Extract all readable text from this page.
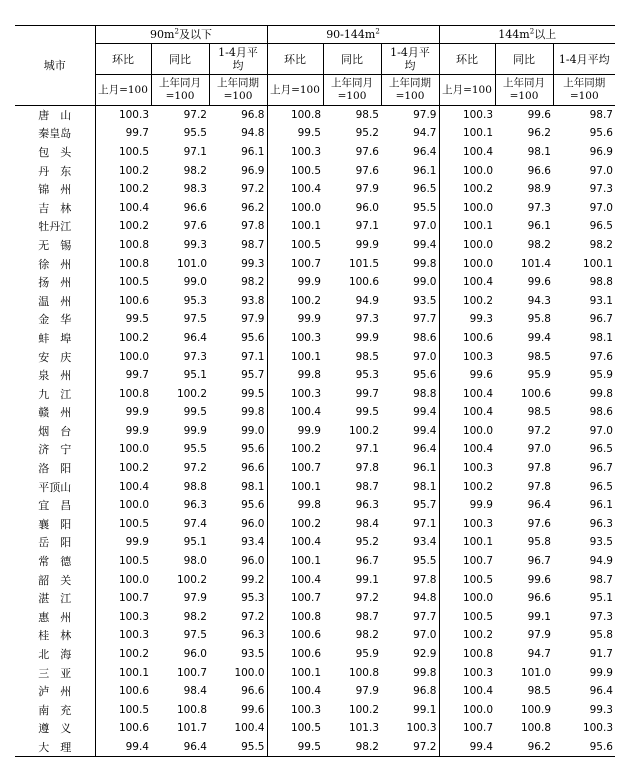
城市	$90m^2$及以下			$90-144m^2$			$144m^2$以上		
	环比	同比	1-4月平均	环比	同比	1-4月平均	环比	同比	1-4月平均
	上月=100	上年同月=100	上年同期=100	上月=100	上年同月=100	上年同期=100	上月=100	上年同月=100	上年同期=100
唐　山	100.3	97.2	96.8	100.8	98.5	97.9	100.3	99.6	98.7
秦皇岛	99.7	95.5	94.8	99.5	95.2	94.7	100.1	96.2	95.6
包　头	100.5	97.1	96.1	100.3	97.6	96.4	100.4	98.1	96.9
丹　东	100.2	98.2	96.9	100.5	97.6	96.1	100.0	96.6	97.0
锦　州	100.2	98.3	97.2	100.4	97.9	96.5	100.2	98.9	97.3
吉　林	100.4	96.6	96.2	100.0	96.0	95.5	100.0	97.3	97.0
牡丹江	100.2	97.6	97.8	100.1	97.1	97.0	100.1	96.1	96.5
无　锡	100.8	99.3	98.7	100.5	99.9	99.4	100.0	98.2	98.2
徐　州	100.8	101.0	99.3	100.7	101.5	99.8	100.0	101.4	100.1
扬　州	100.5	99.0	98.2	99.9	100.6	99.0	100.4	99.6	98.8
温　州	100.6	95.3	93.8	100.2	94.9	93.5	100.2	94.3	93.1
金　华	99.5	97.5	97.9	99.9	97.3	97.7	99.3	95.8	96.7
蚌　埠	100.2	96.4	95.6	100.3	99.9	98.6	100.6	99.4	98.1
安　庆	100.0	97.3	97.1	100.1	98.5	97.0	100.3	98.5	97.6
泉　州	99.7	95.1	95.7	99.8	95.3	95.6	99.6	95.9	95.9
九　江	100.8	100.2	99.5	100.3	99.7	98.8	100.4	100.6	99.8
赣　州	99.9	99.5	99.8	100.4	99.5	99.4	100.4	98.5	98.6
烟　台	99.9	99.9	99.0	99.9	100.2	99.4	100.0	97.2	97.0
济　宁	100.0	95.5	95.6	100.2	97.1	96.4	100.4	97.0	96.5
洛　阳	100.2	97.2	96.6	100.7	97.8	96.1	100.3	97.8	96.7
平顶山	100.4	98.8	98.1	100.1	98.7	98.1	100.2	97.8	96.5
宜　昌	100.0	96.3	95.6	99.8	96.3	95.7	99.9	96.4	96.1
襄　阳	100.5	97.4	96.0	100.2	98.4	97.1	100.3	97.6	96.3
岳　阳	99.9	95.1	93.4	100.4	95.2	93.4	100.1	95.8	93.5
常　德	100.5	98.0	96.0	100.1	96.7	95.5	100.7	96.7	94.9
韶　关	100.0	100.2	99.2	100.4	99.1	97.8	100.5	99.6	98.7
湛　江	100.7	97.9	95.3	100.7	97.2	94.8	100.0	96.6	95.1
惠　州	100.3	98.2	97.2	100.8	98.7	97.7	100.5	99.1	97.3
桂　林	100.3	97.5	96.3	100.6	98.2	97.0	100.2	97.9	95.8
北　海	100.2	96.0	93.5	100.6	95.9	92.9	100.8	94.7	91.7
三　亚	100.1	100.7	100.0	100.1	100.8	99.8	100.3	101.0	99.9
泸　州	100.6	98.4	96.6	100.4	97.9	96.8	100.4	98.5	96.4
南　充	100.5	100.8	99.6	100.3	100.2	99.1	100.0	100.9	99.3
遵　义	100.6	101.7	100.4	100.5	101.3	100.3	100.7	100.8	100.3
大　理	99.4	96.4	95.5	99.5	98.2	97.2	99.4	96.2	95.6
